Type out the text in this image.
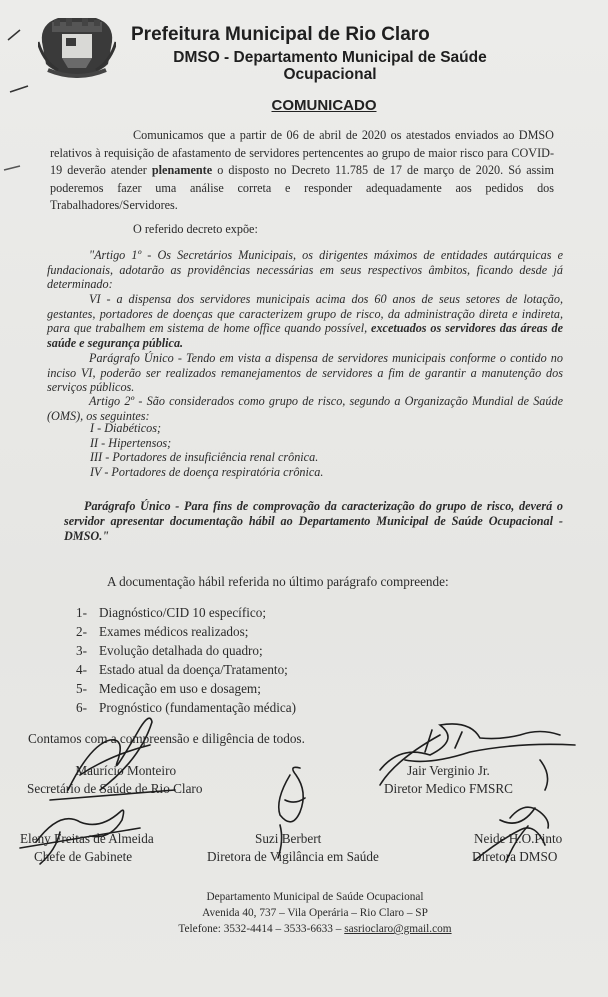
Prefeitura Municipal de Rio Claro
DMSO - Departamento Municipal de Saúde Ocupacional
COMUNICADO
Comunicamos que a partir de 06 de abril de 2020 os atestados enviados ao DMSO relativos à requisição de afastamento de servidores pertencentes ao grupo de maior risco para COVID-19 deverão atender plenamente o disposto no Decreto 11.785 de 17 de março de 2020. Só assim poderemos fazer uma análise correta e responder adequadamente aos pedidos dos Trabalhadores/Servidores.
O referido decreto expõe:
"Artigo 1º - Os Secretários Municipais, os dirigentes máximos de entidades autárquicas e fundacionais, adotarão as providências necessárias em seus respectivos âmbitos, ficando desde já determinado:
VI - a dispensa dos servidores municipais acima dos 60 anos de seus setores de lotação, gestantes, portadores de doenças que caracterizem grupo de risco, da administração direta e indireta, para que trabalhem em sistema de home office quando possível, excetuados os servidores das áreas de saúde e segurança pública.
Parágrafo Único - Tendo em vista a dispensa de servidores municipais conforme o contido no inciso VI, poderão ser realizados remanejamentos de servidores a fim de garantir a manutenção dos serviços públicos.
Artigo 2º - São considerados como grupo de risco, segundo a Organização Mundial de Saúde (OMS), os seguintes:
I - Diabéticos;
II - Hipertensos;
III - Portadores de insuficiência renal crônica.
IV - Portadores de doença respiratória crônica.
Parágrafo Único - Para fins de comprovação da caracterização do grupo de risco, deverá o servidor apresentar documentação hábil ao Departamento Municipal de Saúde Ocupacional - DMSO."
A documentação hábil referida no último parágrafo compreende:
1- Diagnóstico/CID 10 específico;
2- Exames médicos realizados;
3- Evolução detalhada do quadro;
4- Estado atual da doença/Tratamento;
5- Medicação em uso e dosagem;
6- Prognóstico (fundamentação médica)
Contamos com a compreensão e diligência de todos.
Maurício Monteiro
Secretário de Saúde de Rio Claro
Jair Verginio Jr.
Diretor Medico FMSRC
Eleny Freitas de Almeida
Chefe de Gabinete
Suzi Berbert
Diretora de Vigilância em Saúde
Neide H.O.Pinto
Diretora DMSO
Departamento Municipal de Saúde Ocupacional
Avenida 40, 737 – Vila Operária – Rio Claro – SP
Telefone: 3532-4414 – 3533-6633 – sasrioclaro@gmail.com
